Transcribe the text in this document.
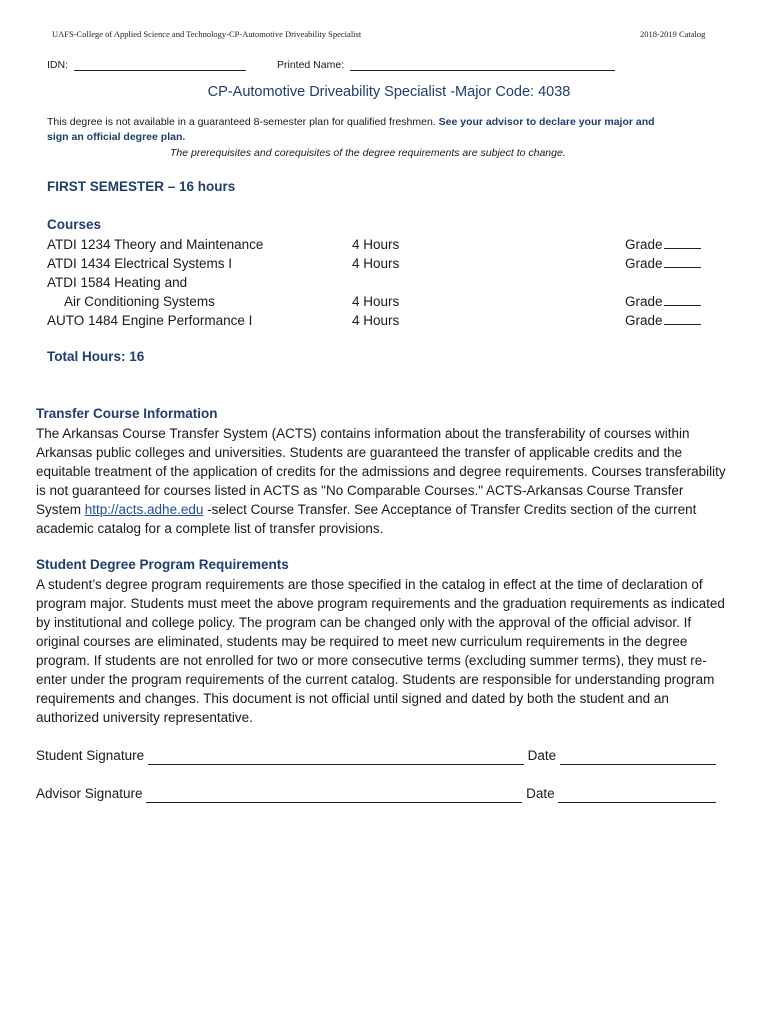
UAFS-College of Applied Science and Technology-CP-Automotive Driveability Specialist	2018-2019 Catalog
IDN:	Printed Name:
CP-Automotive Driveability Specialist -Major Code: 4038
This degree is not available in a guaranteed 8-semester plan for qualified freshmen. See your advisor to declare your major and
sign an official degree plan.
The prerequisites and corequisites of the degree requirements are subject to change.
FIRST SEMESTER – 16 hours
Courses
ATDI 1234 Theory and Maintenance	4 Hours	Grade
ATDI 1434 Electrical Systems I	4 Hours	Grade
ATDI 1584 Heating and
Air Conditioning Systems	4 Hours	Grade
AUTO 1484 Engine Performance I	4 Hours	Grade
Total Hours: 16
Transfer Course Information
The Arkansas Course Transfer System (ACTS) contains information about the transferability of courses within Arkansas public colleges and universities. Students are guaranteed the transfer of applicable credits and the equitable treatment of the application of credits for the admissions and degree requirements. Courses transferability is not guaranteed for courses listed in ACTS as "No Comparable Courses." ACTS-Arkansas Course Transfer System http://acts.adhe.edu -select Course Transfer. See Acceptance of Transfer Credits section of the current academic catalog for a complete list of transfer provisions.
Student Degree Program Requirements
A student’s degree program requirements are those specified in the catalog in effect at the time of declaration of program major. Students must meet the above program requirements and the graduation requirements as indicated by institutional and college policy. The program can be changed only with the approval of the official advisor. If original courses are eliminated, students may be required to meet new curriculum requirements in the degree program. If students are not enrolled for two or more consecutive terms (excluding summer terms), they must re-enter under the program requirements of the current catalog. Students are responsible for understanding program requirements and changes. This document is not official until signed and dated by both the student and an authorized university representative.
Student Signature	Date
Advisor Signature	Date
